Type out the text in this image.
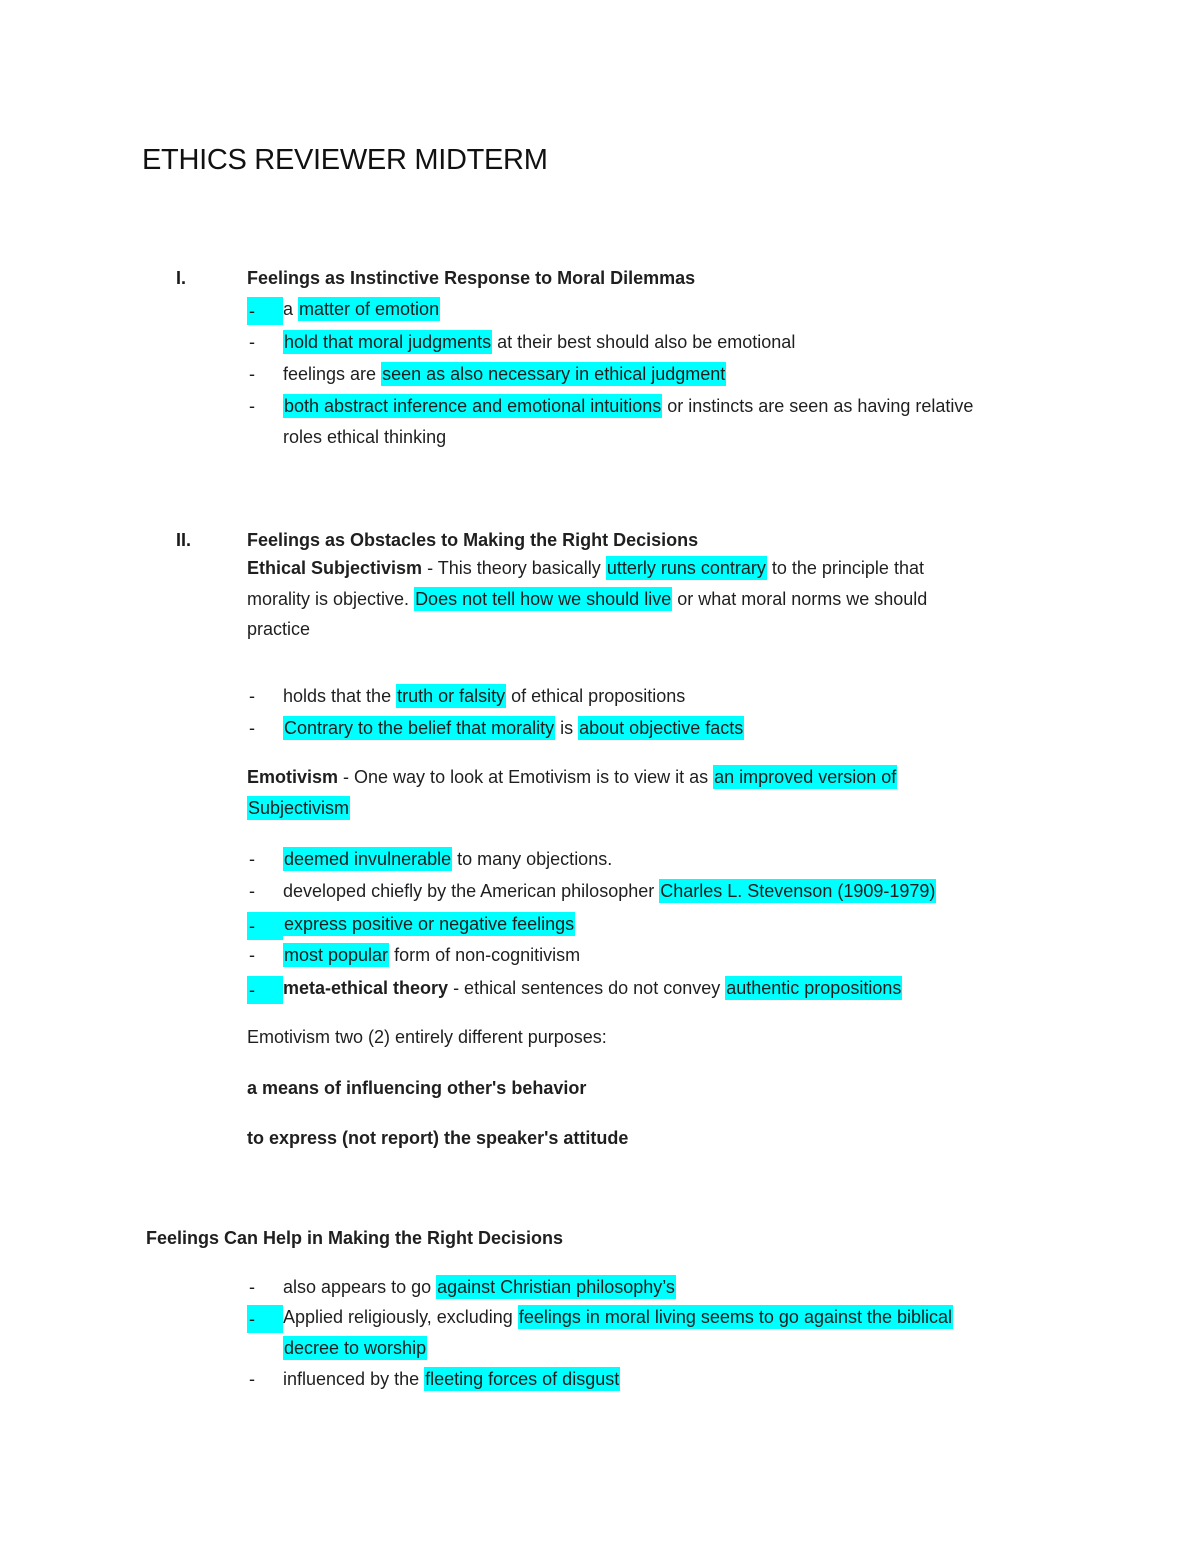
ETHICS REVIEWER MIDTERM
I.	Feelings as Instinctive Response to Moral Dilemmas
-	a matter of emotion
-	hold that moral judgments at their best should also be emotional
-	feelings are seen as also necessary in ethical judgment
-	both abstract inference and emotional intuitions or instincts are seen as having relative
roles ethical thinking
II.	Feelings as Obstacles to Making the Right Decisions
Ethical Subjectivism - This theory basically utterly runs contrary to the principle that
morality is objective. Does not tell how we should live or what moral norms we should
practice
-	holds that the truth or falsity of ethical propositions
-	Contrary to the belief that morality is about objective facts
Emotivism - One way to look at Emotivism is to view it as an improved version of
Subjectivism
-	deemed invulnerable to many objections.
-	developed chiefly by the American philosopher Charles L. Stevenson (1909-1979)
-	express positive or negative feelings
-	most popular form of non-cognitivism
-	meta-ethical theory - ethical sentences do not convey authentic propositions
Emotivism two (2) entirely different purposes:
a means of influencing other's behavior
to express (not report) the speaker's attitude
Feelings Can Help in Making the Right Decisions
-	also appears to go against Christian philosophy’s
-	Applied religiously, excluding feelings in moral living seems to go against the biblical
decree to worship
-	influenced by the fleeting forces of disgust
